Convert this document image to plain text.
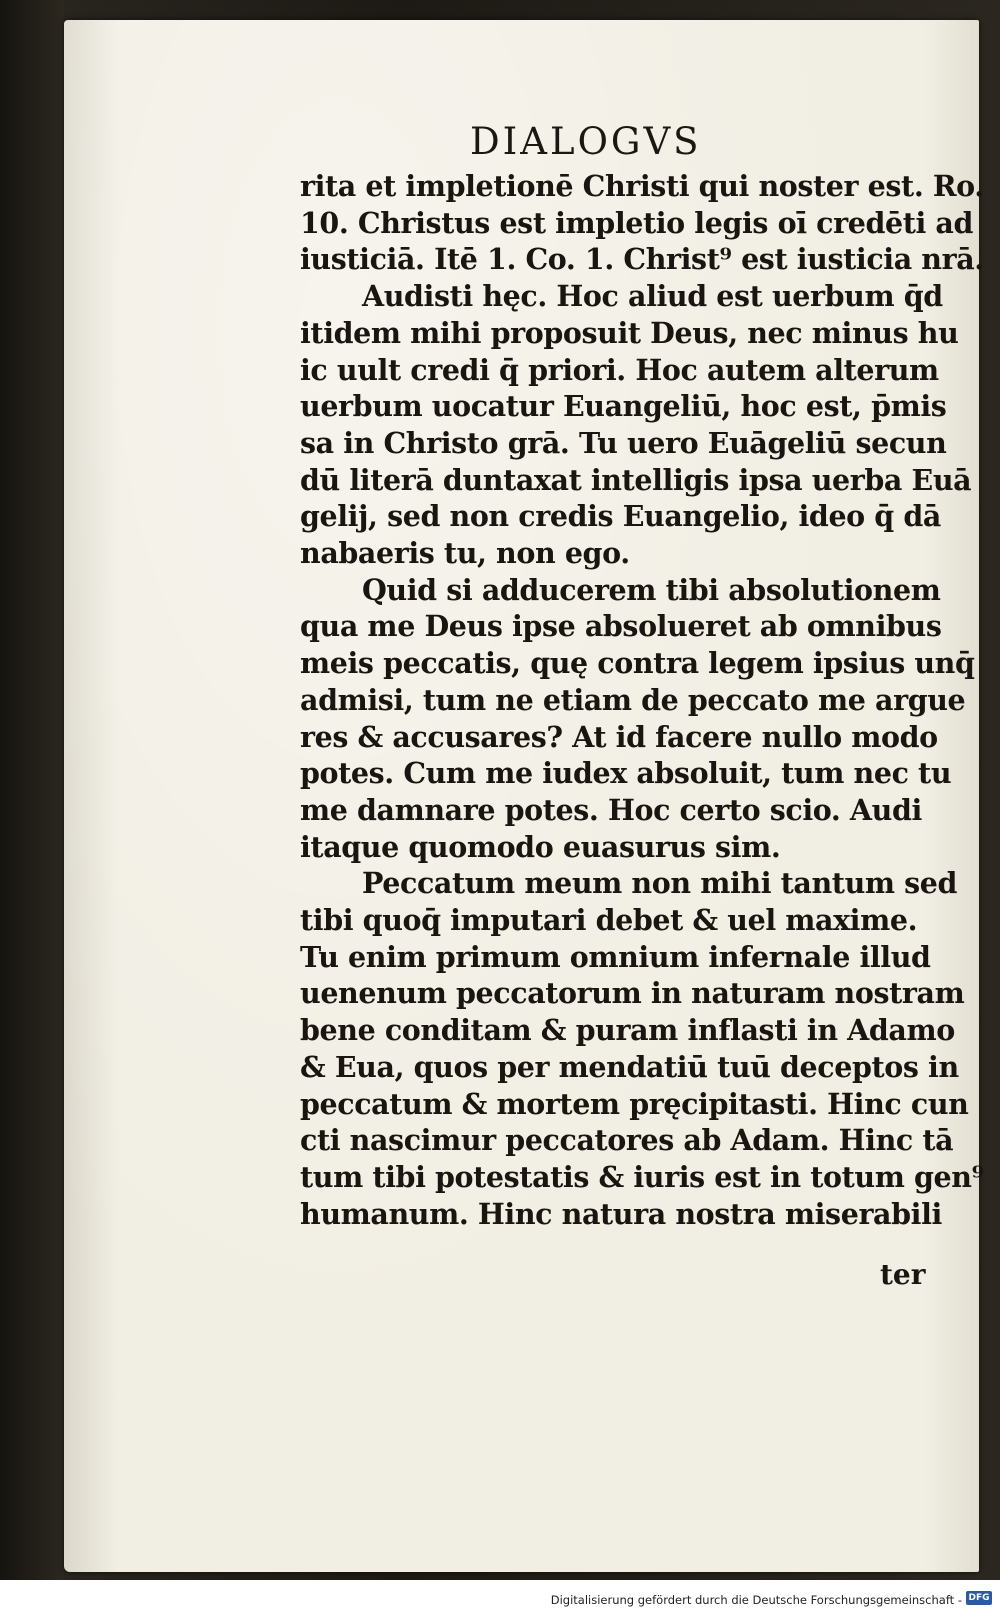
DIALOGVS
rita et impletionē Christi qui noster est. Ro.
10. Christus est impletio legis oī credēti ad
iusticiā. Itē 1. Co. 1. Christ⁹ est iusticia nrā.
Audisti hęc. Hoc aliud est uerbum q̄d
itidem mihi proposuit Deus, nec minus hu
ic uult credi q̄ priori. Hoc autem alterum
uerbum uocatur Euangeliū, hoc est, p̄mis
sa in Christo grā. Tu uero Euāgeliū secun
dū literā duntaxat intelligis ipsa uerba Euā
gelij, sed non credis Euangelio, ideo q̄ dā
nabaeris tu, non ego.
Quid si adducerem tibi absolutionem
qua me Deus ipse absolueret ab omnibus
meis peccatis, quę contra legem ipsius unq̄
admisi, tum ne etiam de peccato me argue
res & accusares? At id facere nullo modo
potes. Cum me iudex absoluit, tum nec tu
me damnare potes. Hoc certo scio. Audi
itaque quomodo euasurus sim.
Peccatum meum non mihi tantum sed
tibi quoq̄ imputari debet & uel maxime.
Tu enim primum omnium infernale illud
uenenum peccatorum in naturam nostram
bene conditam & puram inflasti in Adamo
& Eua, quos per mendatiū tuū deceptos in
peccatum & mortem pręcipitasti. Hinc cun
cti nascimur peccatores ab Adam. Hinc tā
tum tibi potestatis & iuris est in totum gen⁹
humanum. Hinc natura nostra miserabili
ter
Digitalisierung gefördert durch die Deutsche Forschungsgemeinschaft - DFG
